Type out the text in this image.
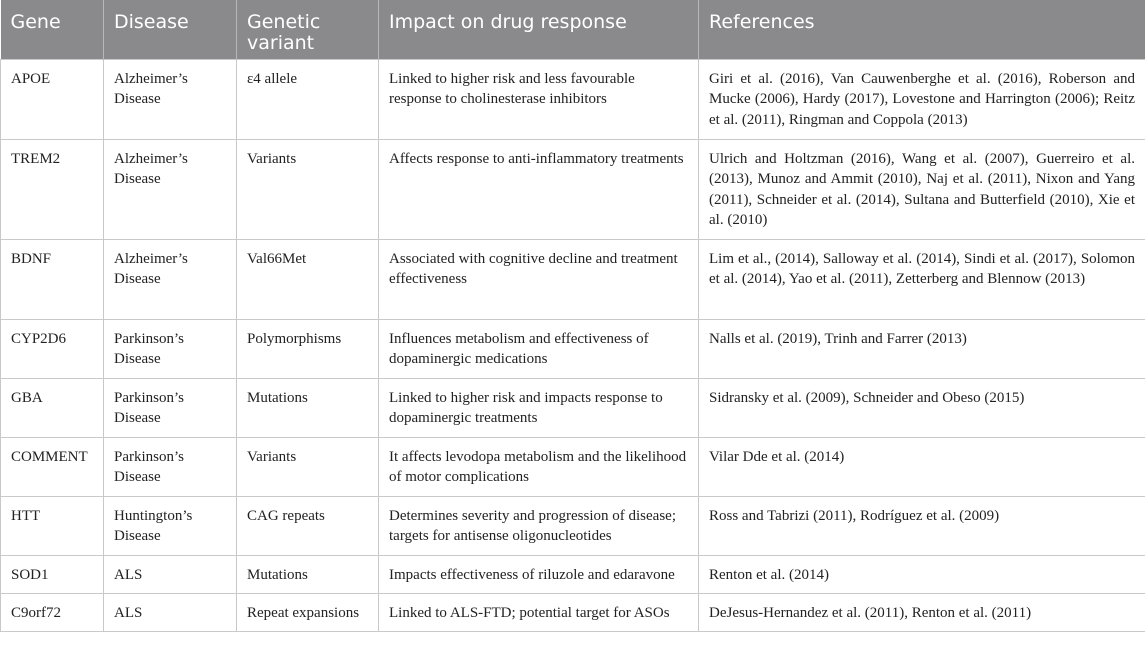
Gene	Disease	Genetic variant	Impact on drug response	References
APOE	Alzheimer’s Disease	ε4 allele	Linked to higher risk and less favourable response to cholinesterase inhibitors	Giri et al. (2016), Van Cauwenberghe et al. (2016), Roberson and Mucke (2006), Hardy (2017), Lovestone and Harrington (2006); Reitz et al. (2011), Ringman and Coppola (2013)
TREM2	Alzheimer’s Disease	Variants	Affects response to anti-inflammatory treatments	Ulrich and Holtzman (2016), Wang et al. (2007), Guerreiro et al. (2013), Munoz and Ammit (2010), Naj et al. (2011), Nixon and Yang (2011), Schneider et al. (2014), Sultana and Butterfield (2010), Xie et al. (2010)
BDNF	Alzheimer’s Disease	Val66Met	Associated with cognitive decline and treatment effectiveness	Lim et al., (2014), Salloway et al. (2014), Sindi et al. (2017), Solomon et al. (2014), Yao et al. (2011), Zetterberg and Blennow (2013)
CYP2D6	Parkinson’s Disease	Polymorphisms	Influences metabolism and effectiveness of dopaminergic medications	Nalls et al. (2019), Trinh and Farrer (2013)
GBA	Parkinson’s Disease	Mutations	Linked to higher risk and impacts response to dopaminergic treatments	Sidransky et al. (2009), Schneider and Obeso (2015)
COMMENT	Parkinson’s Disease	Variants	It affects levodopa metabolism and the likelihood of motor complications	Vilar Dde et al. (2014)
HTT	Huntington’s Disease	CAG repeats	Determines severity and progression of disease; targets for antisense oligonucleotides	Ross and Tabrizi (2011), Rodríguez et al. (2009)
SOD1	ALS	Mutations	Impacts effectiveness of riluzole and edaravone	Renton et al. (2014)
C9orf72	ALS	Repeat expansions	Linked to ALS-FTD; potential target for ASOs	DeJesus-Hernandez et al. (2011), Renton et al. (2011)
